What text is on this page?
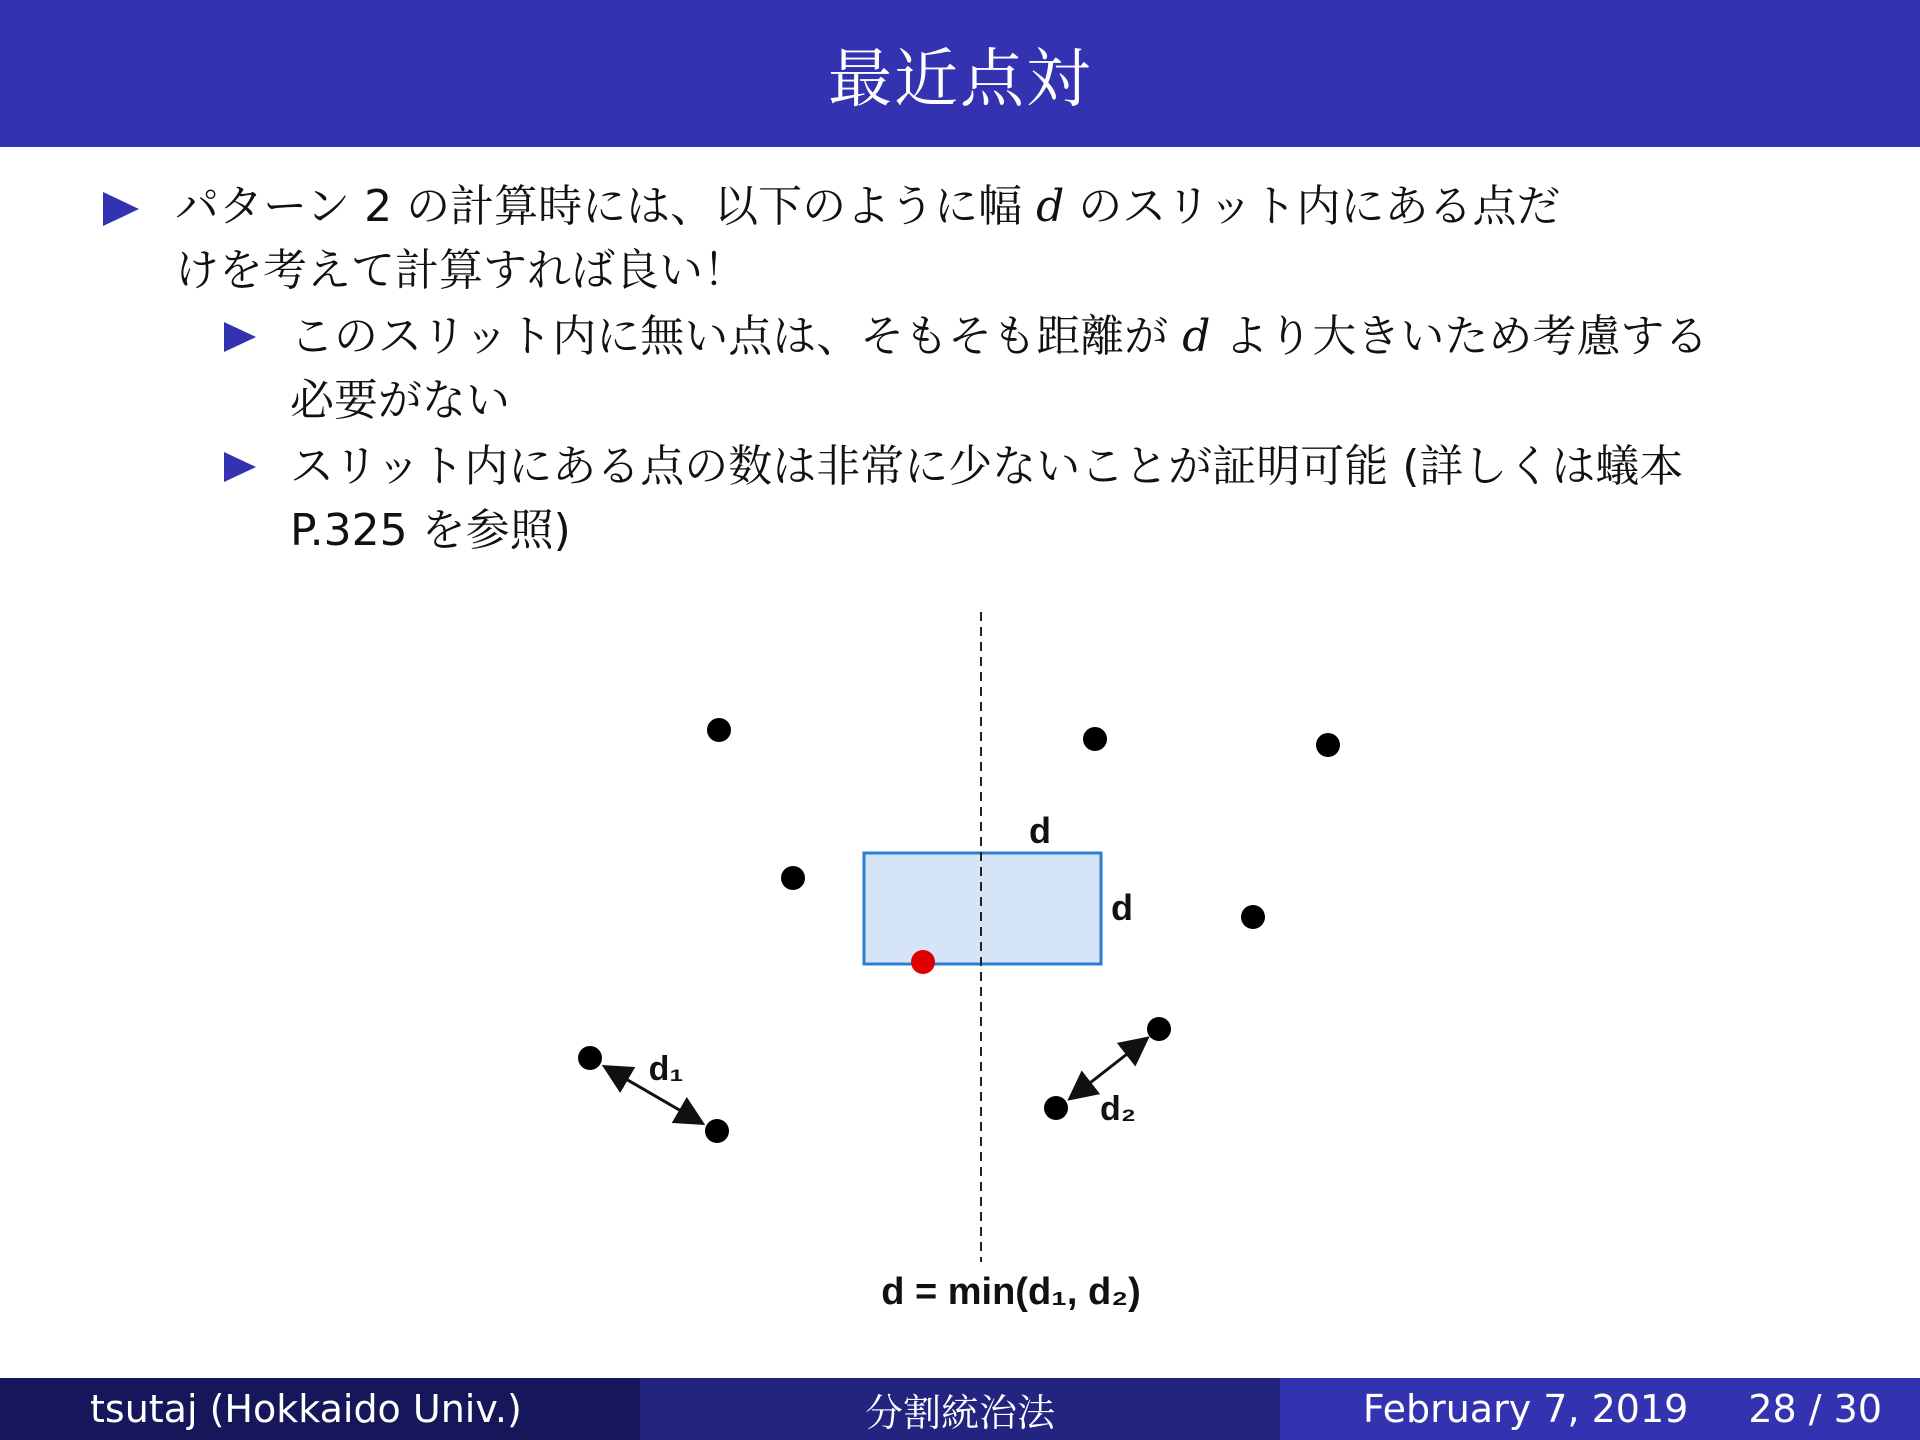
最近点対
パターン 2 の計算時には、以下のように幅 d のスリット内にある点だ
けを考えて計算すれば良い！
このスリット内に無い点は、そもそも距離が d より大きいため考慮する
必要がない
スリット内にある点の数は非常に少ないことが証明可能 (詳しくは蟻本
P.325 を参照)
d
d
d₁
d₂
d = min(d₁, d₂)
tsutaj (Hokkaido Univ.)	分割統治法	February 7, 2019 28 / 30
